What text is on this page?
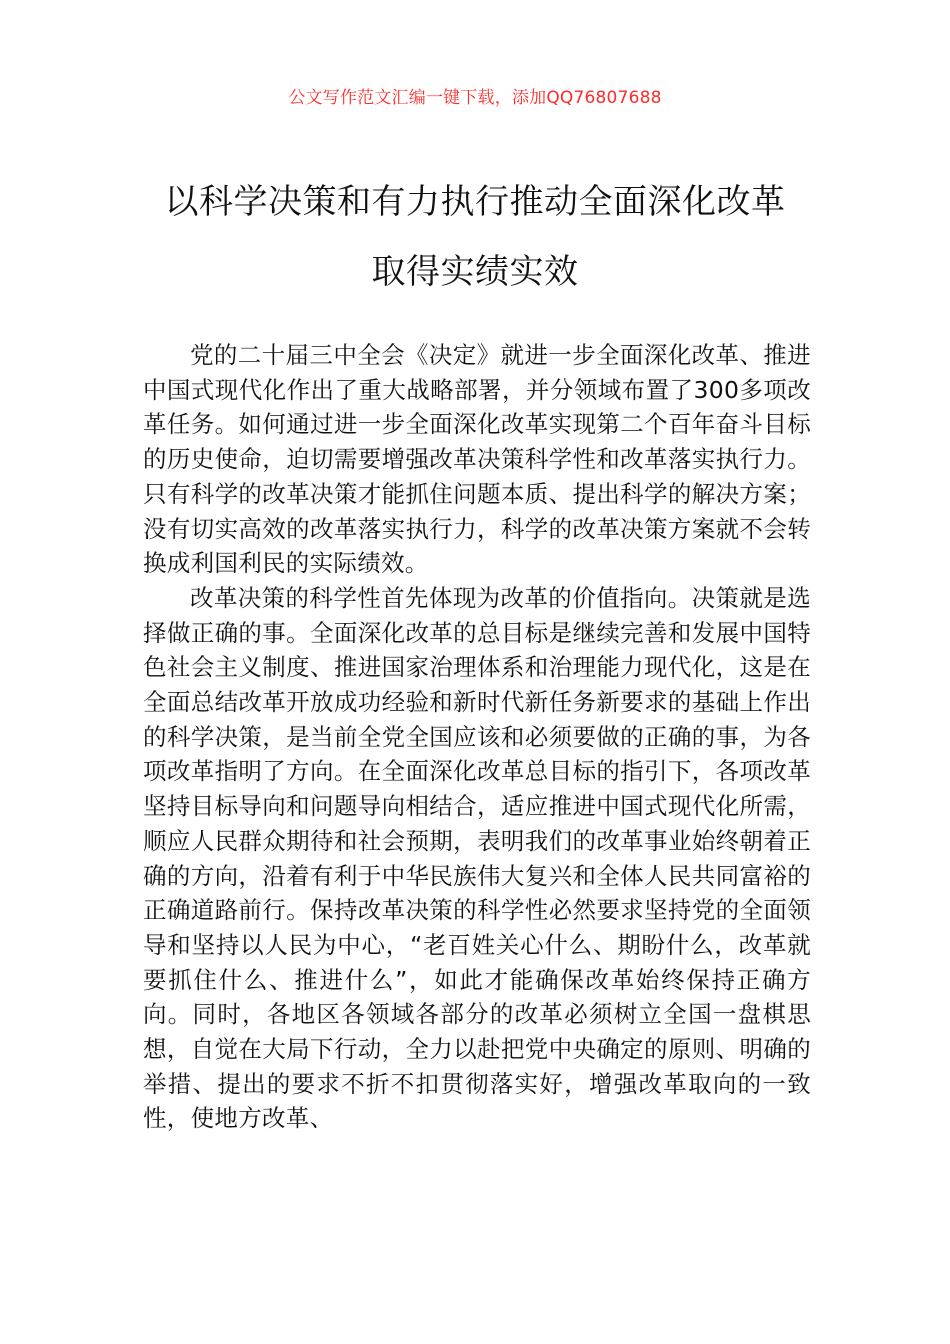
公文写作范文汇编一键下载，添加QQ76807688
以科学决策和有力执行推动全面深化改革
取得实绩实效

党的二十届三中全会《决定》就进一步全面深化改革、推进中国式现代化作出了重大战略部署，并分领域布置了300多项改革任务。如何通过进一步全面深化改革实现第二个百年奋斗目标的历史使命，迫切需要增强改革决策科学性和改革落实执行力。只有科学的改革决策才能抓住问题本质、提出科学的解决方案；没有切实高效的改革落实执行力，科学的改革决策方案就不会转换成利国利民的实际绩效。

改革决策的科学性首先体现为改革的价值指向。决策就是选择做正确的事。全面深化改革的总目标是继续完善和发展中国特色社会主义制度、推进国家治理体系和治理能力现代化，这是在全面总结改革开放成功经验和新时代新任务新要求的基础上作出的科学决策，是当前全党全国应该和必须要做的正确的事，为各项改革指明了方向。在全面深化改革总目标的指引下，各项改革坚持目标导向和问题导向相结合，适应推进中国式现代化所需，顺应人民群众期待和社会预期，表明我们的改革事业始终朝着正确的方向，沿着有利于中华民族伟大复兴和全体人民共同富裕的正确道路前行。保持改革决策的科学性必然要求坚持党的全面领导和坚持以人民为中心，“老百姓关心什么、期盼什么，改革就要抓住什么、推进什么”，如此才能确保改革始终保持正确方向。同时，各地区各领域各部分的改革必须树立全国一盘棋思想，自觉在大局下行动，全力以赴把党中央确定的原则、明确的举措、提出的要求不折不扣贯彻落实好，增强改革取向的一致性，使地方改革、
